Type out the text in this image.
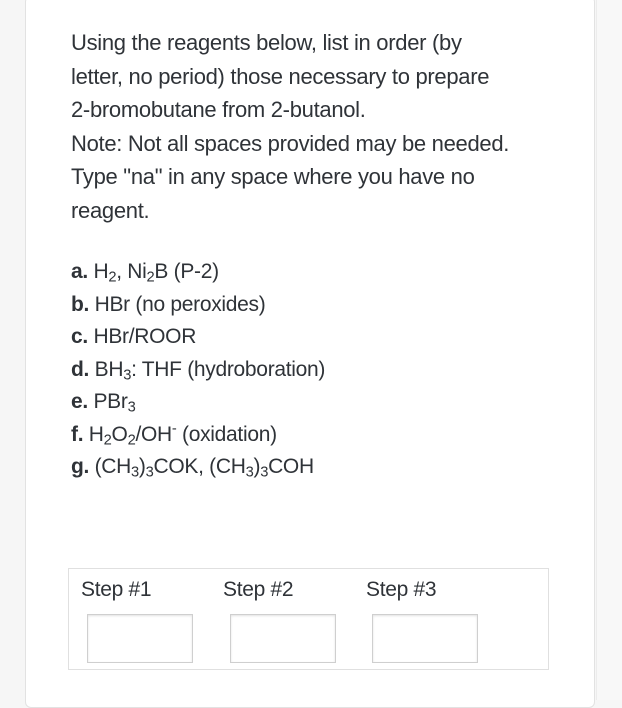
Using the reagents below, list in order (by

letter, no period) those necessary to prepare

2-bromobutane from 2-butanol.

Note: Not all spaces provided may be needed.

Type "na" in any space where you have no

reagent.

a. $H_2$, $Ni_2B$ (P-2)
b. HBr (no peroxides)
c. HBr/ROOR
d. $BH_3$: THF (hydroboration)
e. PBr$_3$
f. $H_2O_2/OH^-$ (oxidation)
g. $(CH_3)_3COK$, $(CH_3)_3COH$
Step #1	Step #2	Step #3
